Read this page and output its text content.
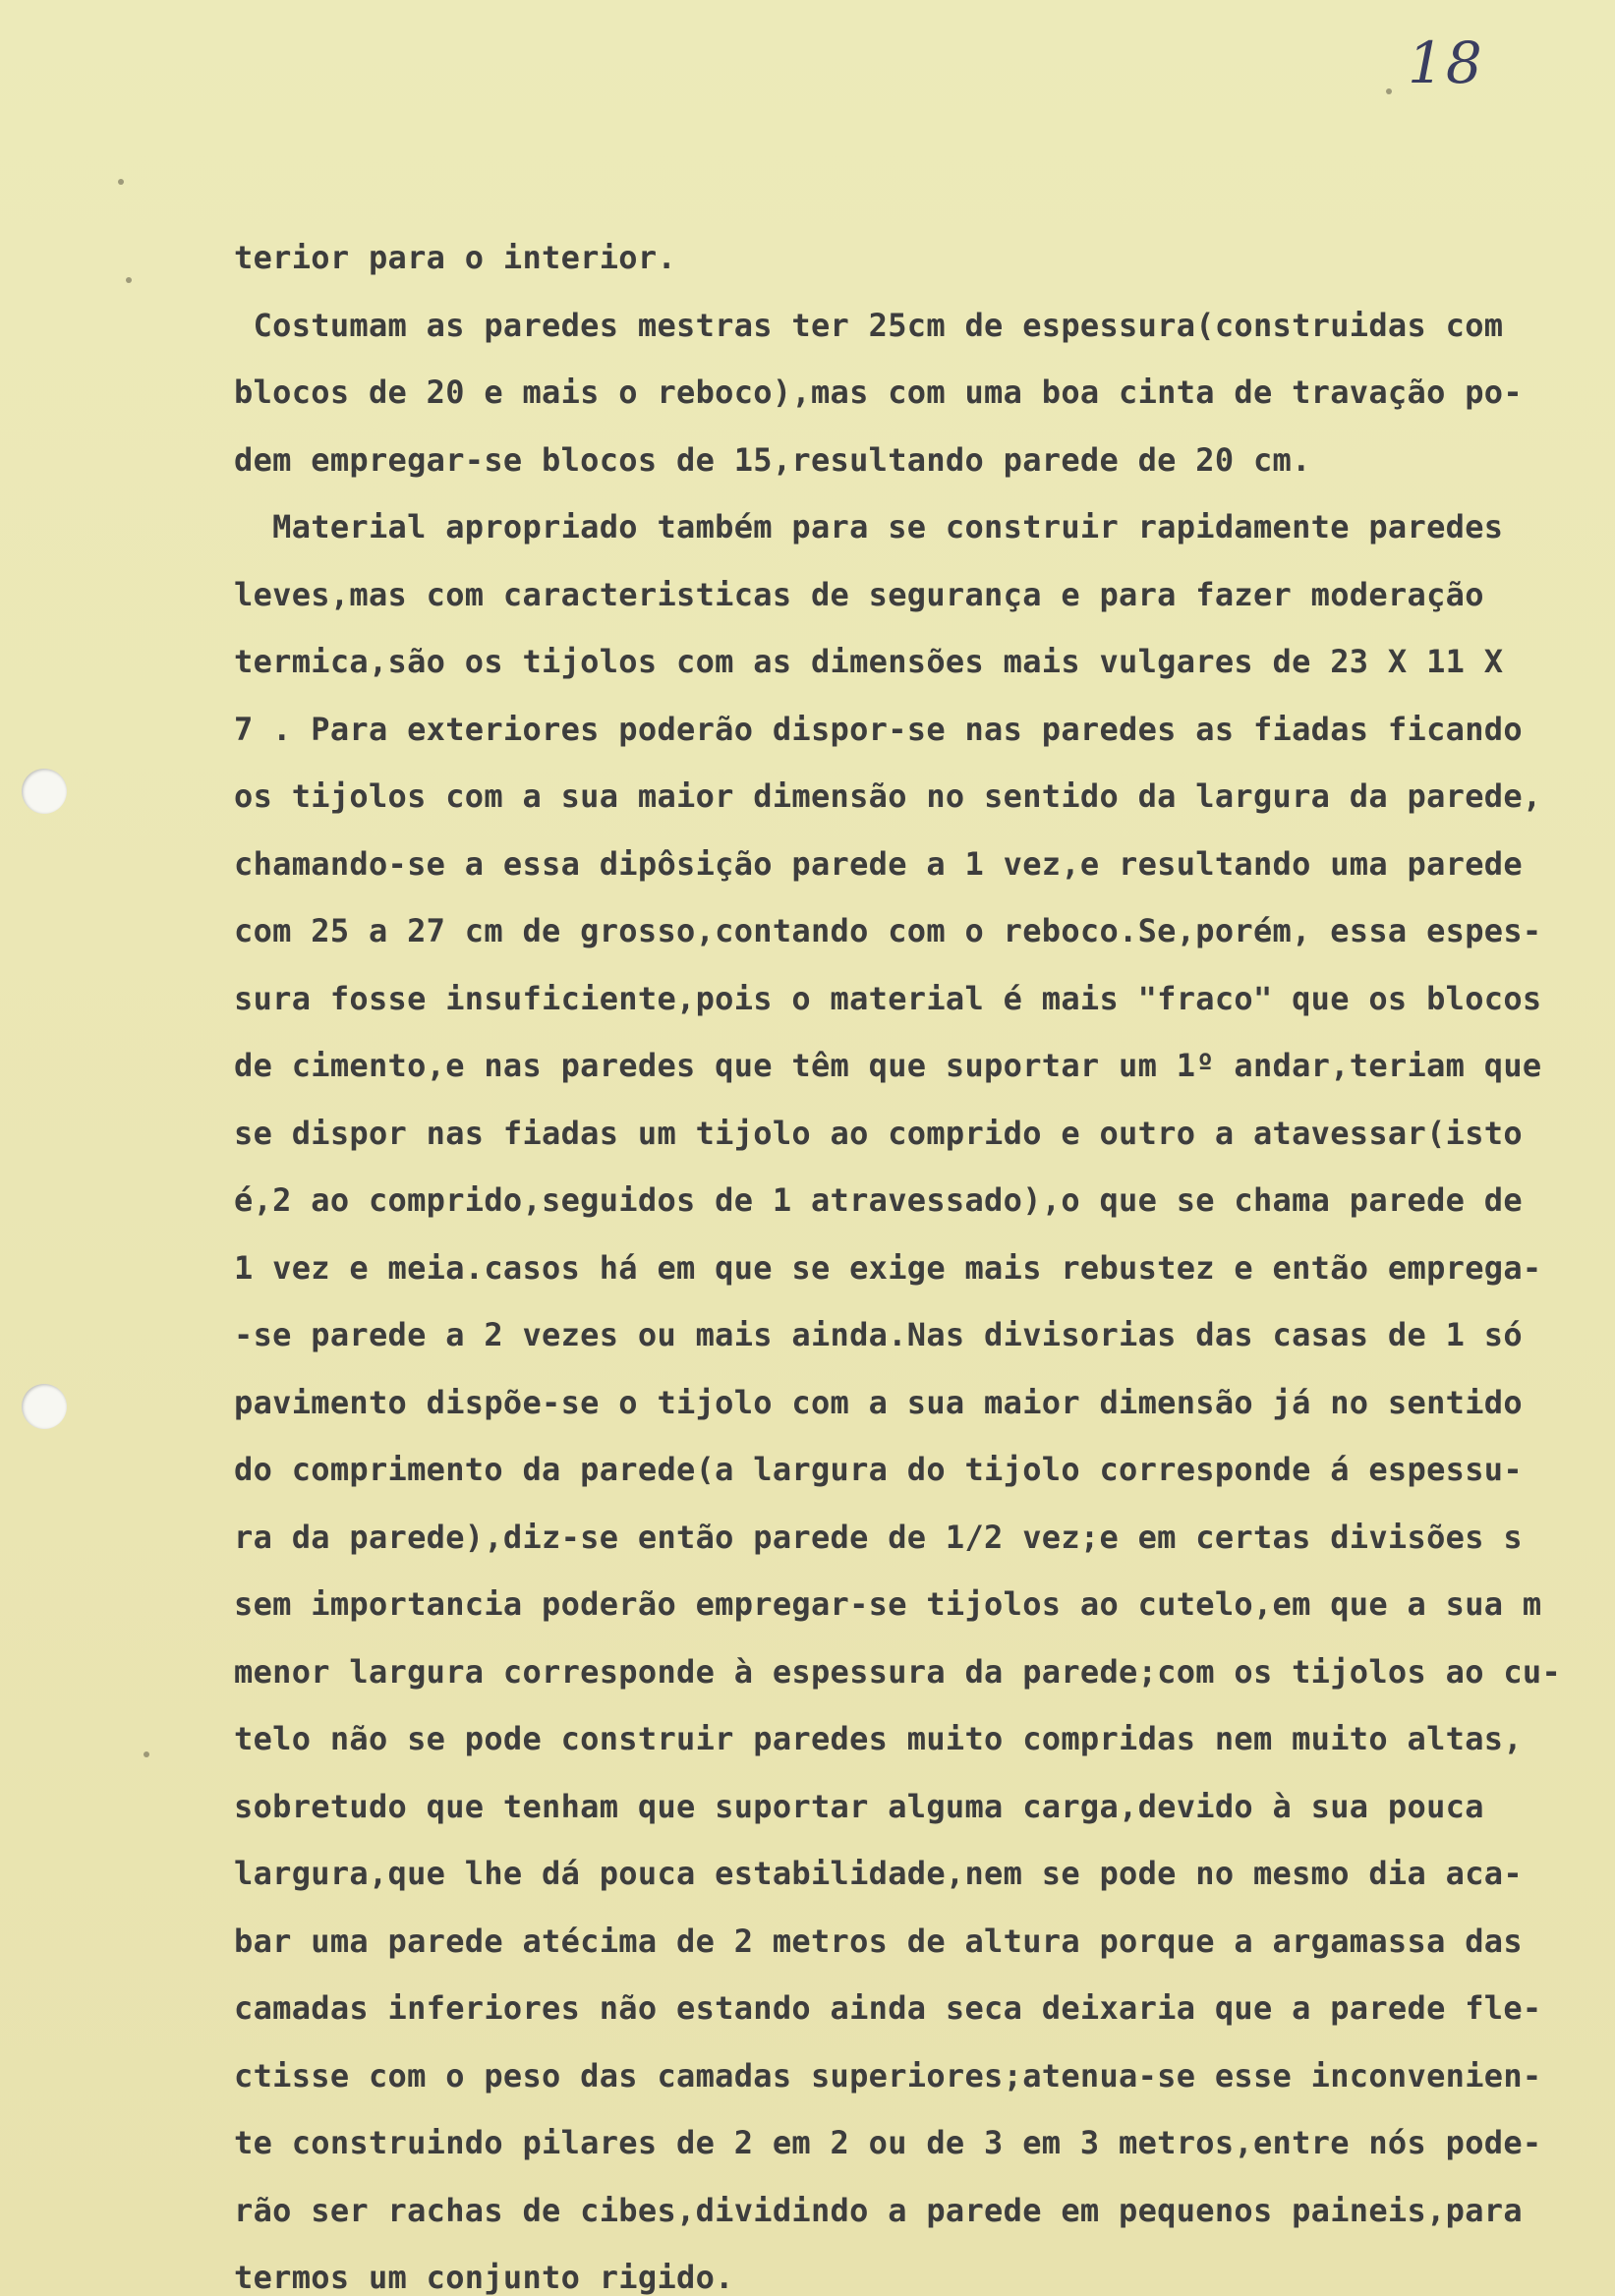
18
terior para o interior.
Costumam as paredes mestras ter 25cm de espessura(construidas com
blocos de 20 e mais o reboco),mas com uma boa cinta de travação po-
dem empregar-se blocos de 15,resultando parede de 20 cm.
Material apropriado também para se construir rapidamente paredes
leves,mas com caracteristicas de segurança e para fazer moderação
termica,são os tijolos com as dimensões mais vulgares de 23 X 11 X
7 . Para exteriores poderão dispor-se nas paredes as fiadas ficando
os tijolos com a sua maior dimensão no sentido da largura da parede,
chamando-se a essa dipôsição parede a 1 vez,e resultando uma parede
com 25 a 27 cm de grosso,contando com o reboco.Se,porém, essa espes-
sura fosse insuficiente,pois o material é mais "fraco" que os blocos
de cimento,e nas paredes que têm que suportar um 1º andar,teriam que
se dispor nas fiadas um tijolo ao comprido e outro a atavessar(isto
é,2 ao comprido,seguidos de 1 atravessado),o que se chama parede de
1 vez e meia.casos há em que se exige mais rebustez e então emprega-
-se parede a 2 vezes ou mais ainda.Nas divisorias das casas de 1 só
pavimento dispõe-se o tijolo com a sua maior dimensão já no sentido
do comprimento da parede(a largura do tijolo corresponde á espessu-
ra da parede),diz-se então parede de 1/2 vez;e em certas divisões s
sem importancia poderão empregar-se tijolos ao cutelo,em que a sua m
menor largura corresponde à espessura da parede;com os tijolos ao cu-
telo não se pode construir paredes muito compridas nem muito altas,
sobretudo que tenham que suportar alguma carga,devido à sua pouca
largura,que lhe dá pouca estabilidade,nem se pode no mesmo dia aca-
bar uma parede atécima de 2 metros de altura porque a argamassa das
camadas inferiores não estando ainda seca deixaria que a parede fle-
ctisse com o peso das camadas superiores;atenua-se esse inconvenien-
te construindo pilares de 2 em 2 ou de 3 em 3 metros,entre nós pode-
rão ser rachas de cibes,dividindo a parede em pequenos paineis,para
termos um conjunto rigido.
